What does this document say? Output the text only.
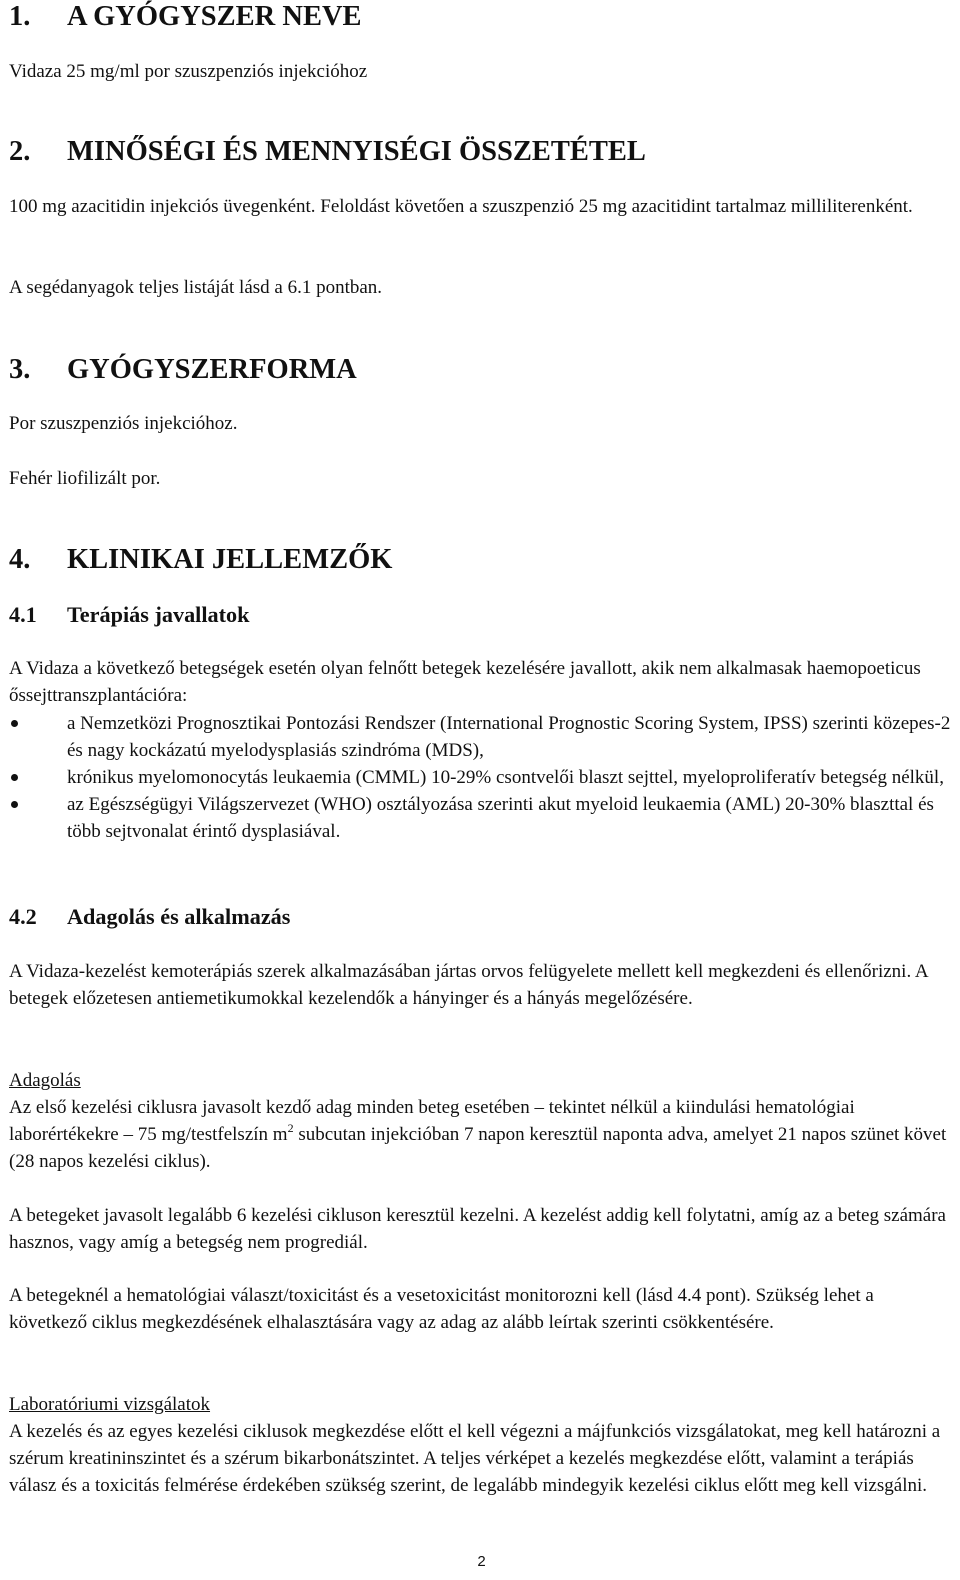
1. A GYÓGYSZER NEVE

Vidaza 25 mg/ml por szuszpenziós injekcióhoz

2. MINŐSÉGI ÉS MENNYISÉGI ÖSSZETÉTEL

100 mg azacitidin injekciós üvegenként. Feloldást követően a szuszpenzió 25 mg azacitidint tartalmaz milliliterenként.

A segédanyagok teljes listáját lásd a 6.1 pontban.

3. GYÓGYSZERFORMA

Por szuszpenziós injekcióhoz.

Fehér liofilizált por.

4. KLINIKAI JELLEMZŐK
4.1 Terápiás javallatok

A Vidaza a következő betegségek esetén olyan felnőtt betegek kezelésére javallott, akik nem alkalmasak haemopoeticus őssejttranszplantációra:

a Nemzetközi Prognosztikai Pontozási Rendszer (International Prognostic Scoring System, IPSS) szerinti közepes-2 és nagy kockázatú myelodysplasiás szindróma (MDS),
krónikus myelomonocytás leukaemia (CMML) 10-29% csontvelői blaszt sejttel, myeloproliferatív betegség nélkül,
az Egészségügyi Világszervezet (WHO) osztályozása szerinti akut myeloid leukaemia (AML) 20-30% blaszttal és több sejtvonalat érintő dysplasiával.
4.2 Adagolás és alkalmazás

A Vidaza-kezelést kemoterápiás szerek alkalmazásában jártas orvos felügyelete mellett kell megkezdeni és ellenőrizni. A betegek előzetesen antiemetikumokkal kezelendők a hányinger és a hányás megelőzésére.

Adagolás

Az első kezelési ciklusra javasolt kezdő adag minden beteg esetében – tekintet nélkül a kiindulási hematológiai laborértékekre – 75 mg/testfelszín $m^2$ subcutan injekcióban 7 napon keresztül naponta adva, amelyet 21 napos szünet követ (28 napos kezelési ciklus).

A betegeket javasolt legalább 6 kezelési cikluson keresztül kezelni. A kezelést addig kell folytatni, amíg az a beteg számára hasznos, vagy amíg a betegség nem progrediál.

A betegeknél a hematológiai választ/toxicitást és a vesetoxicitást monitorozni kell (lásd 4.4 pont). Szükség lehet a következő ciklus megkezdésének elhalasztására vagy az adag az alább leírtak szerinti csökkentésére.

Laboratóriumi vizsgálatok

A kezelés és az egyes kezelési ciklusok megkezdése előtt el kell végezni a májfunkciós vizsgálatokat, meg kell határozni a szérum kreatininszintet és a szérum bikarbonátszintet. A teljes vérképet a kezelés megkezdése előtt, valamint a terápiás válasz és a toxicitás felmérése érdekében szükség szerint, de legalább mindegyik kezelési ciklus előtt meg kell vizsgálni.

2
